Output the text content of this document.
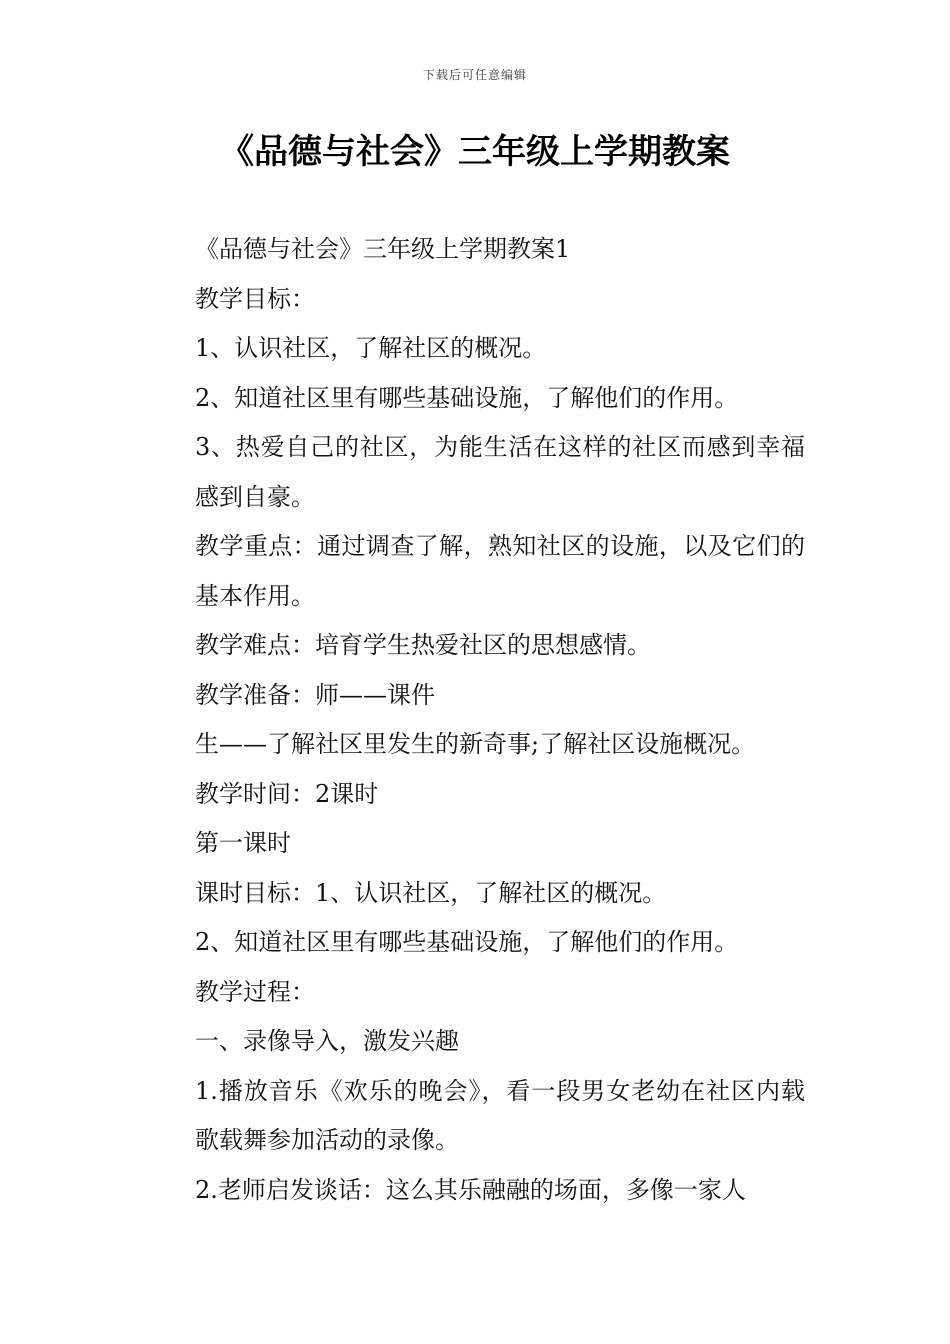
下载后可任意编辑
《品德与社会》三年级上学期教案

《品德与社会》三年级上学期教案1

教学目标：

1、认识社区，了解社区的概况。

2、知道社区里有哪些基础设施，了解他们的作用。

3、热爱自己的社区，为能生活在这样的社区而感到幸福感到自豪。

教学重点：通过调查了解，熟知社区的设施，以及它们的基本作用。

教学难点：培育学生热爱社区的思想感情。

教学准备：师——课件

生——了解社区里发生的新奇事;了解社区设施概况。

教学时间：2课时

第一课时

课时目标：1、认识社区，了解社区的概况。

2、知道社区里有哪些基础设施，了解他们的作用。

教学过程：

一、录像导入，激发兴趣

1.播放音乐《欢乐的晚会》，看一段男女老幼在社区内载歌载舞参加活动的录像。

2.老师启发谈话：这么其乐融融的场面，多像一家人
